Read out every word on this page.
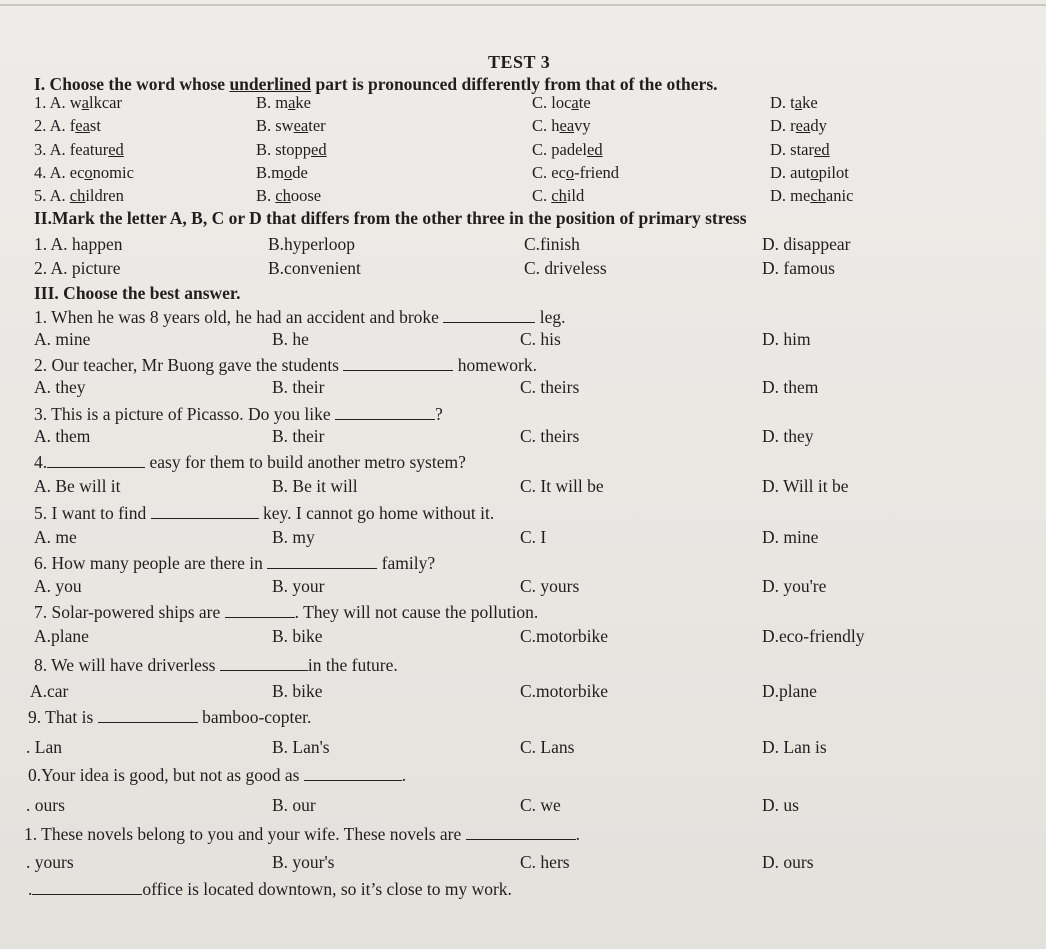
TEST 3
I. Choose the word whose underlined part is pronounced differently from that of the others.
1. A. walkcar	B. make	C. locate	D. take
2. A. feast	B. sweater	C. heavy	D. ready
3. A. featured	B. stopped	C. padeled	D. stared
4. A. economic	B.mode	C. eco-friend	D. autopilot
5. A. children	B. choose	C. child	D. mechanic
II.Mark the letter A, B, C or D that differs from the other three in the position of primary stress
1. A. happen	B.hyperloop	C.finish	D. disappear
2. A. picture	B.convenient	C. driveless	D. famous
III. Choose the best answer.
1. When he was 8 years old, he had an accident and broke	leg.
A. mine	B. he	C. his	D. him
2. Our teacher, Mr Buong gave the students	homework.
A. they	B. their	C. theirs	D. them
3. This is a picture of Picasso. Do you like	?
A. them	B. their	C. theirs	D. they
4.	easy for them to build another metro system?
A. Be will it	B. Be it will	C. It will be	D. Will it be
5. I want to find	key. I cannot go home without it.
A. me	B. my	C. I	D. mine
6. How many people are there in	family?
A. you	B. your	C. yours	D. you're
7. Solar-powered ships are	. They will not cause the pollution.
A.plane	B. bike	C.motorbike	D.eco-friendly
8. We will have driverless	in the future.
A.car	B. bike	C.motorbike	D.plane
9. That is	bamboo-copter.
. Lan	B. Lan's	C. Lans	D. Lan is
0.Your idea is good, but not as good as	.
. ours	B. our	C. we	D. us
1. These novels belong to you and your wife. These novels are	.
. yours	B. your's	C. hers	D. ours
.	office is located downtown, so it’s close to my work.
